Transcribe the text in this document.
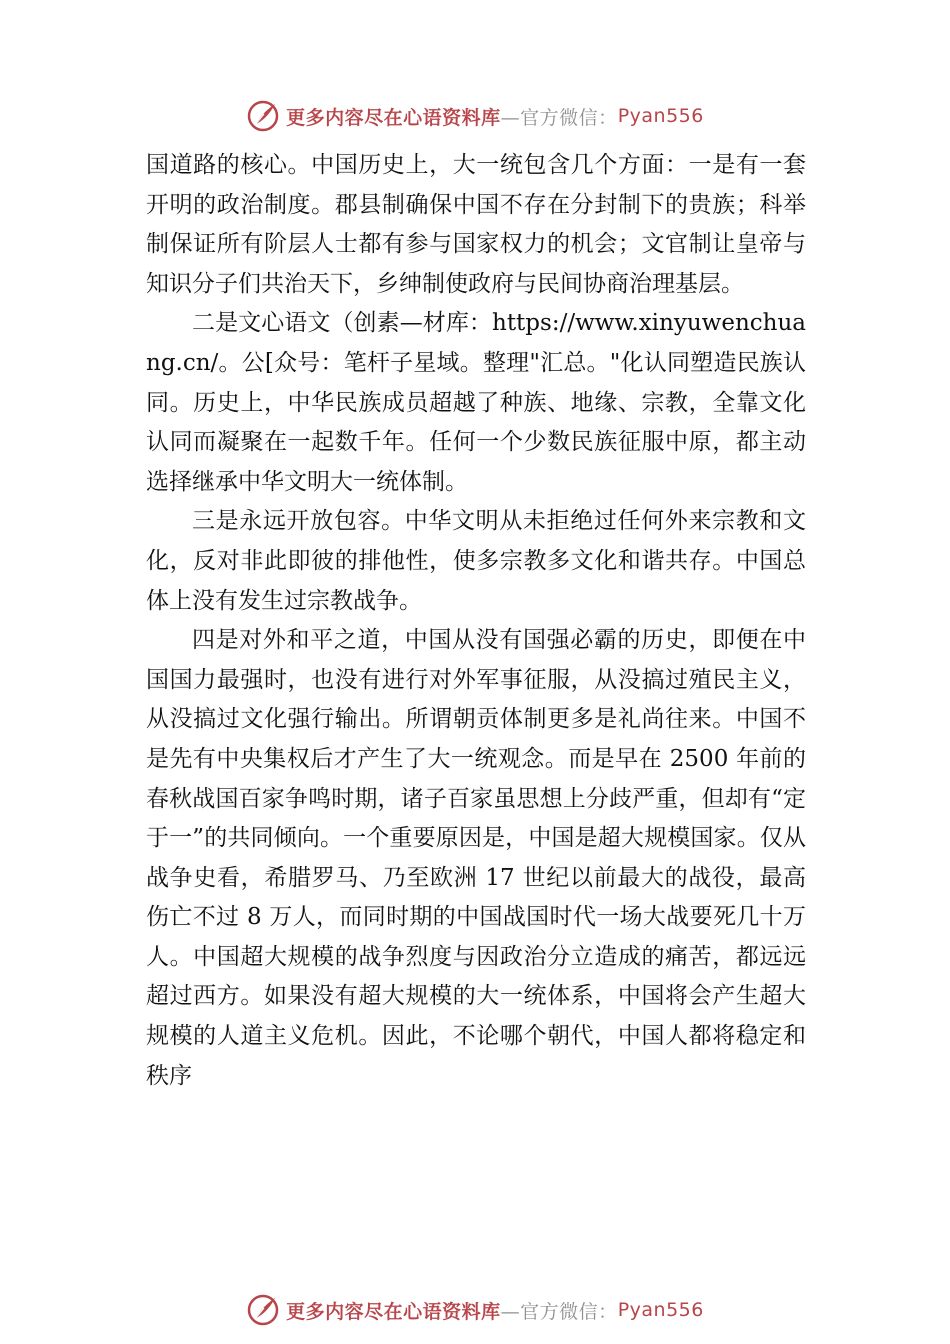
更多内容尽在心语资料库 —官方微信： Pyan556

国道路的核心。中国历史上，大一统包含几个方面：一是有一套开明的政治制度。郡县制确保中国不存在分封制下的贵族；科举制保证所有阶层人士都有参与国家权力的机会；文官制让皇帝与知识分子们共治天下，乡绅制使政府与民间协商治理基层。

二是文心语文（创素—材库：https://www.xinyuwenchuang.cn/。公[众号：笔杆子星域。整理"汇总。"化认同塑造民族认同。历史上，中华民族成员超越了种族、地缘、宗教，全靠文化认同而凝聚在一起数千年。任何一个少数民族征服中原，都主动选择继承中华文明大一统体制。

三是永远开放包容。中华文明从未拒绝过任何外来宗教和文化，反对非此即彼的排他性，使多宗教多文化和谐共存。中国总体上没有发生过宗教战争。

四是对外和平之道，中国从没有国强必霸的历史，即便在中国国力最强时，也没有进行对外军事征服，从没搞过殖民主义，从没搞过文化强行输出。所谓朝贡体制更多是礼尚往来。中国不是先有中央集权后才产生了大一统观念。而是早在 2500 年前的春秋战国百家争鸣时期，诸子百家虽思想上分歧严重，但却有“定于一”的共同倾向。一个重要原因是，中国是超大规模国家。仅从战争史看，希腊罗马、乃至欧洲 17 世纪以前最大的战役，最高伤亡不过 8 万人，而同时期的中国战国时代一场大战要死几十万人。中国超大规模的战争烈度与因政治分立造成的痛苦，都远远超过西方。如果没有超大规模的大一统体系，中国将会产生超大规模的人道主义危机。因此，不论哪个朝代，中国人都将稳定和秩序

更多内容尽在心语资料库 —官方微信： Pyan556
